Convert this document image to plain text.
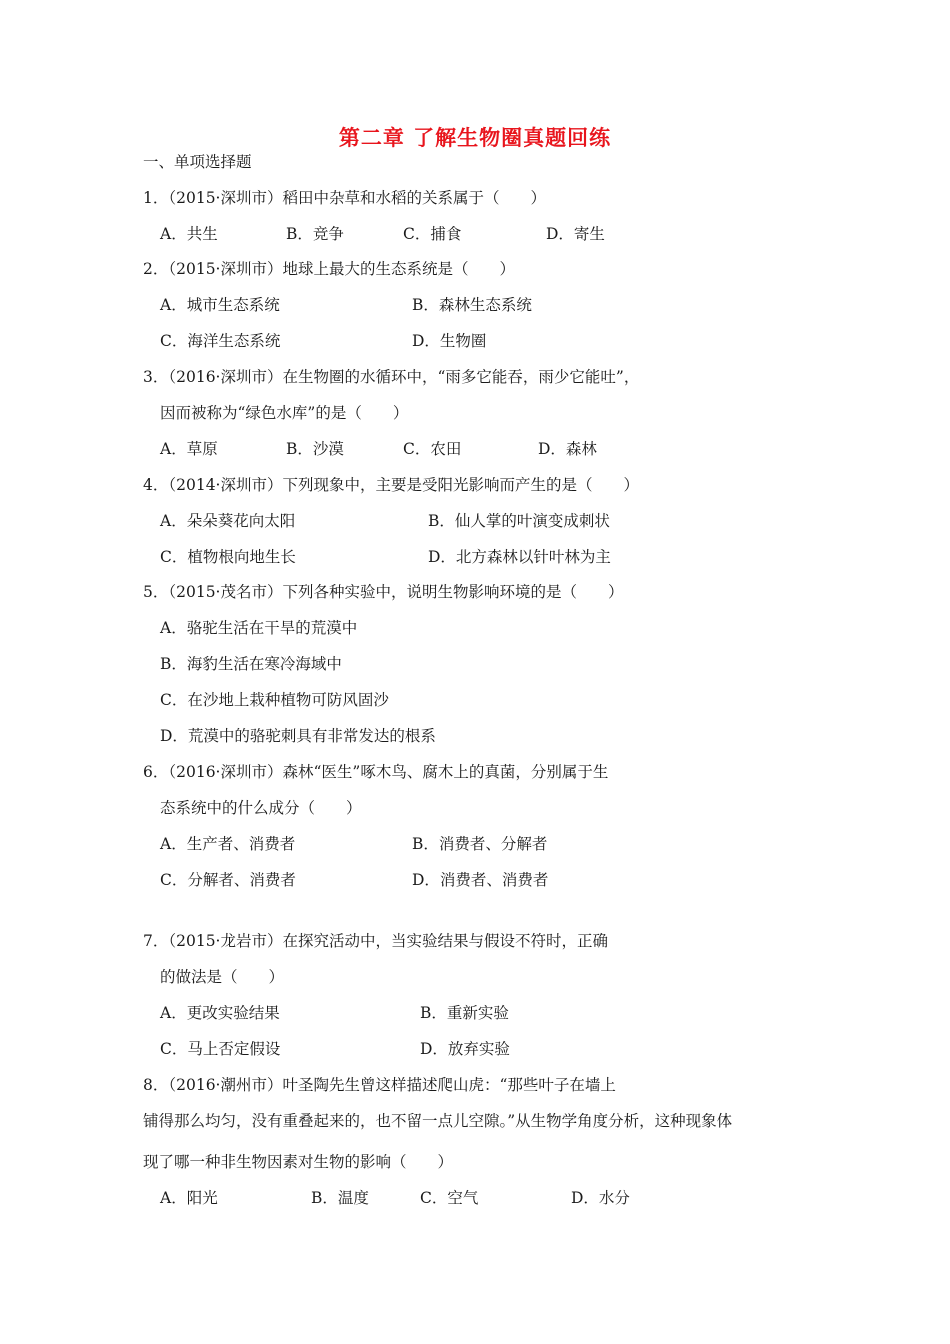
第二章 了解生物圈真题回练
一、单项选择题
1．（2015·深圳市）稻田中杂草和水稻的关系属于（　　）
A．共生	B．竞争	C．捕食	D．寄生
2．（2015·深圳市）地球上最大的生态系统是（　　）
A．城市生态系统	B．森林生态系统
C．海洋生态系统	D．生物圈
3．（2016·深圳市）在生物圈的水循环中，“雨多它能吞，雨少它能吐”，
因而被称为“绿色水库”的是（　　）
A．草原	B．沙漠	C．农田	D．森林
4．（2014·深圳市）下列现象中，主要是受阳光影响而产生的是（　　）
A．朵朵葵花向太阳	B．仙人掌的叶演变成刺状
C．植物根向地生长	D．北方森林以针叶林为主
5．（2015·茂名市）下列各种实验中，说明生物影响环境的是（　　）
A．骆驼生活在干旱的荒漠中
B．海豹生活在寒冷海域中
C．在沙地上栽种植物可防风固沙
D．荒漠中的骆驼刺具有非常发达的根系
6．（2016·深圳市）森林“医生”啄木鸟、腐木上的真菌，分别属于生
态系统中的什么成分（　　）
A．生产者、消费者	B．消费者、分解者
C．分解者、消费者	D．消费者、消费者
7．（2015·龙岩市）在探究活动中，当实验结果与假设不符时，正确
的做法是（　　）
A．更改实验结果	B．重新实验
C．马上否定假设	D．放弃实验
8．（2016·潮州市）叶圣陶先生曾这样描述爬山虎：“那些叶子在墙上
铺得那么均匀，没有重叠起来的，也不留一点儿空隙。”从生物学角度分析，这种现象体
现了哪一种非生物因素对生物的影响（　　）
A．阳光	B．温度	C．空气	D．水分
